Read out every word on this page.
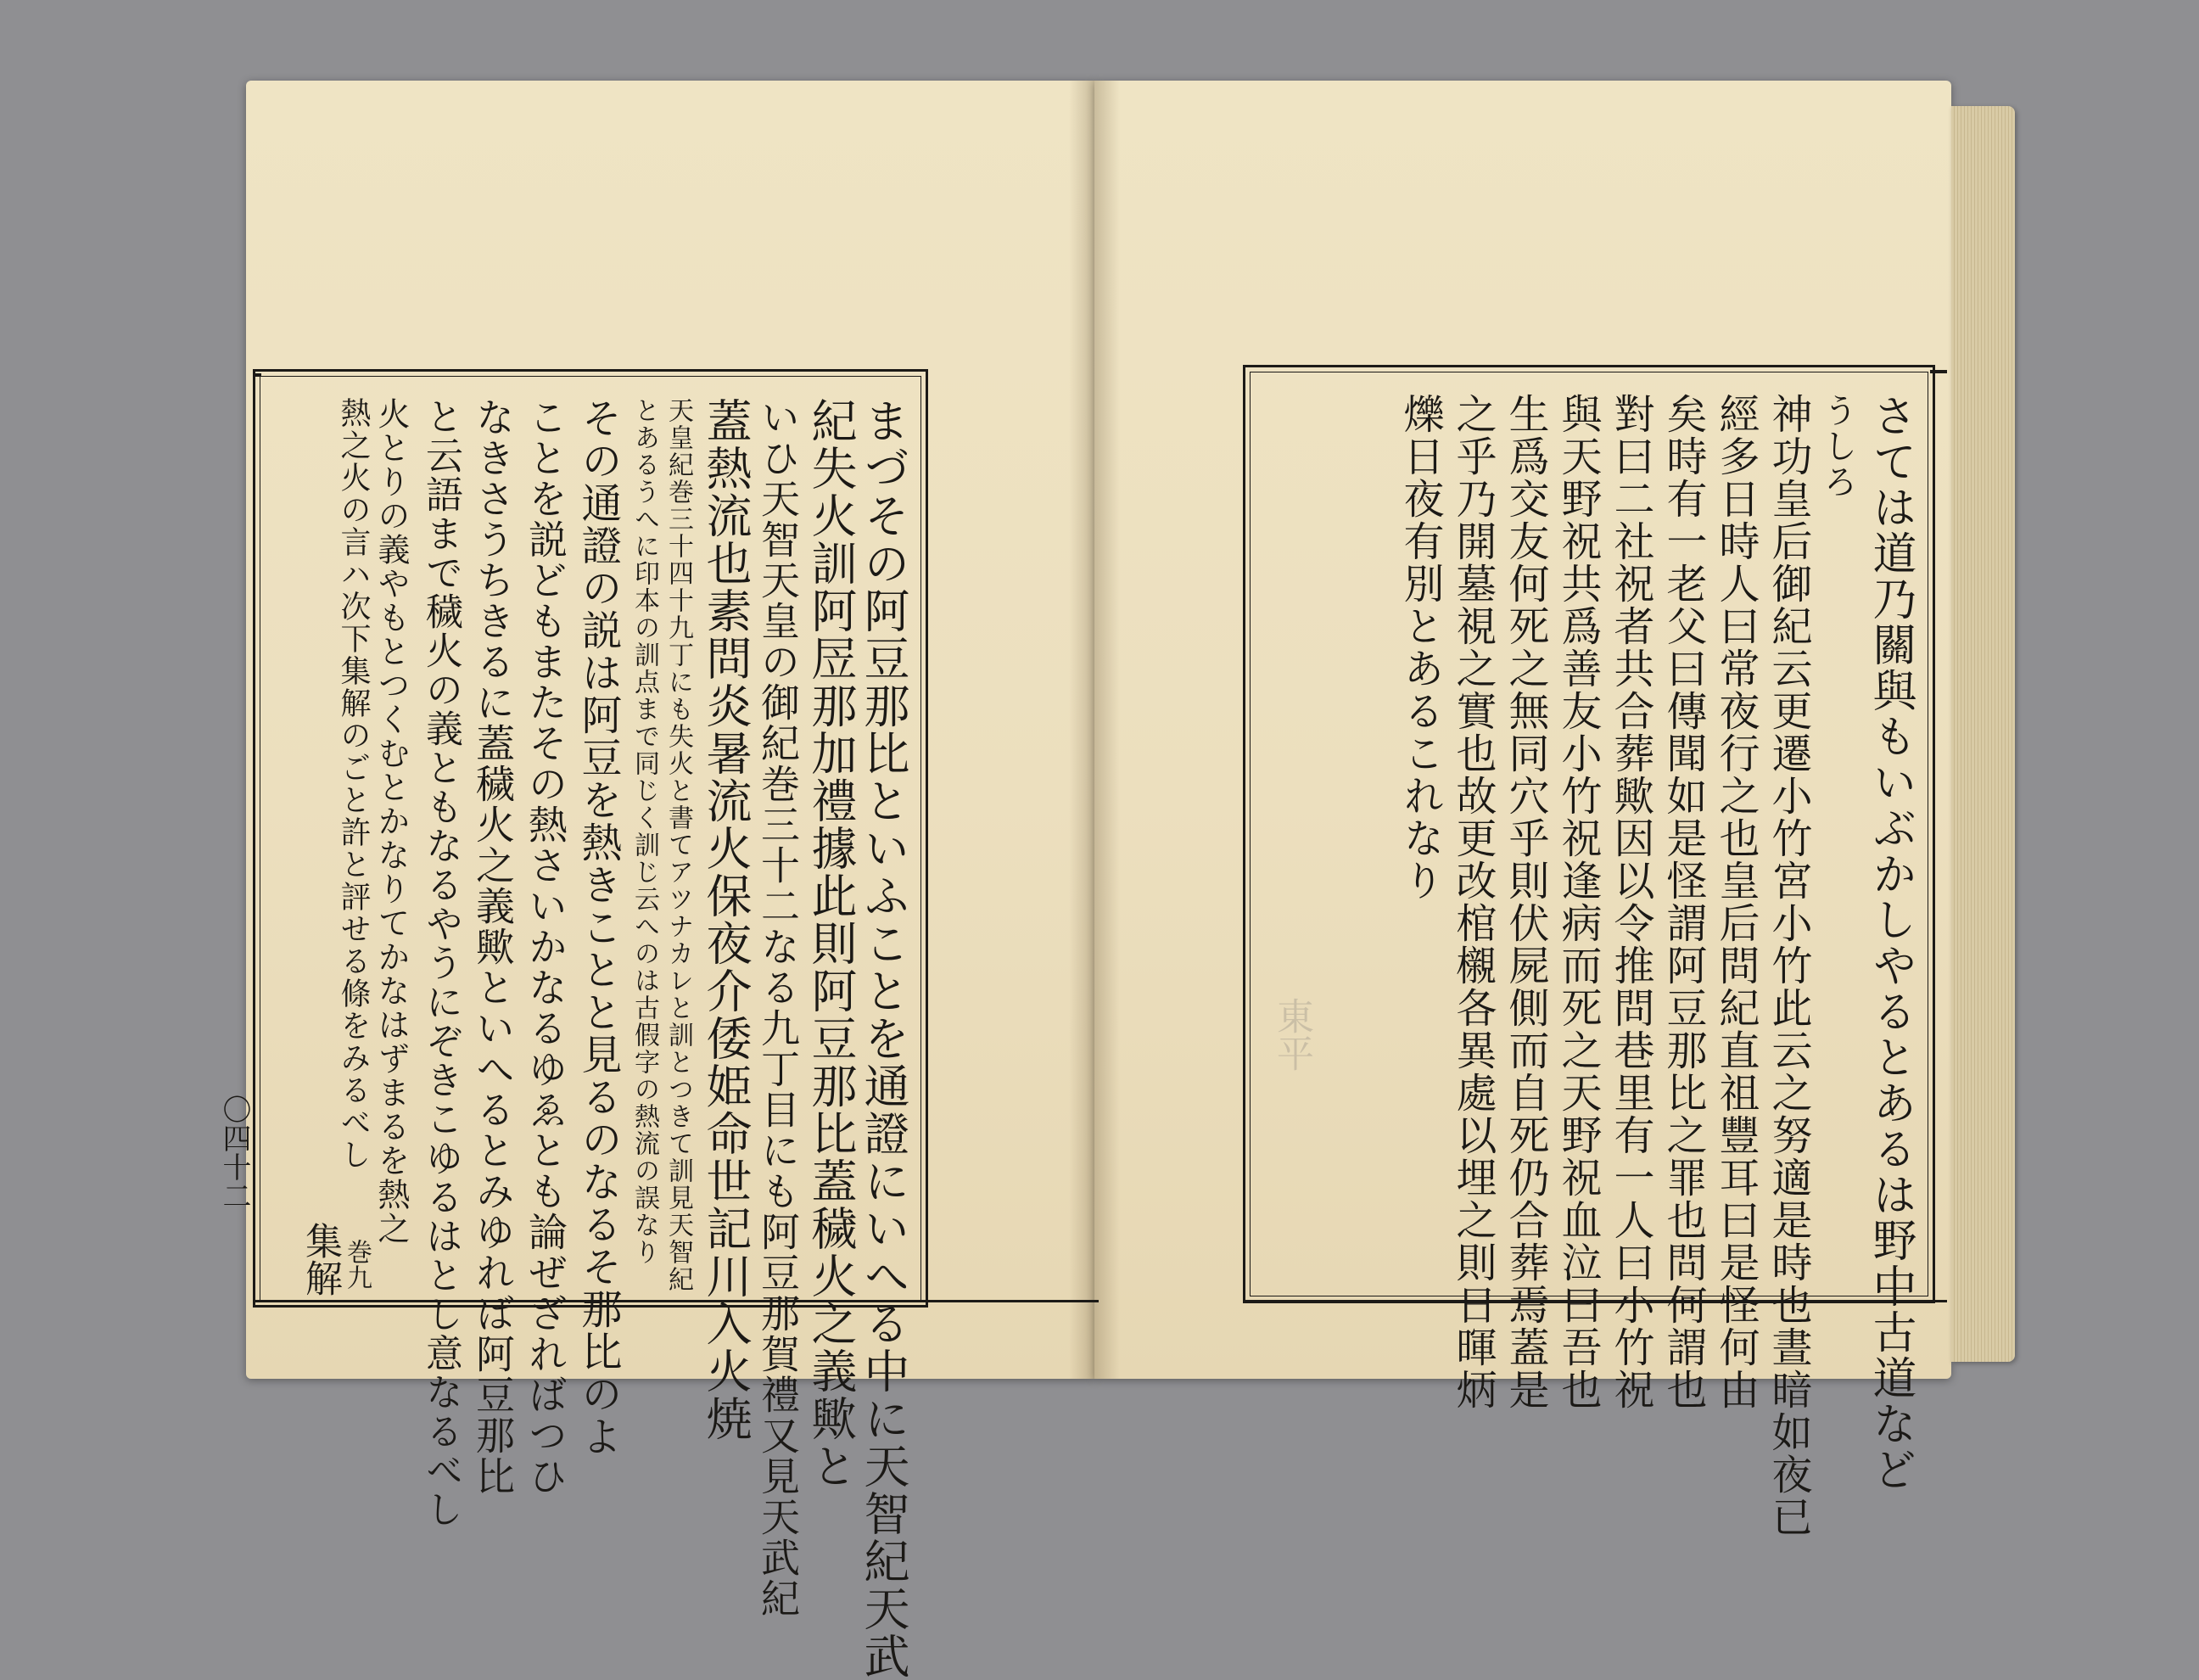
まづその阿豆那比といふことを通證にいへる中に天智紀天武
紀失火訓阿㞐那加禮據此則阿豆那比蓋穢火之義歟と
いひ天智天皇の御紀巻三十二なる九丁目にも阿豆那賀禮又見天武紀
蓋熱流也素問炎暑流火保夜介倭姫命世記川入火焼
天皇紀巻三十四十九丁にも失火と書てアツナカレと訓とつきて訓見天智紀
とあるうへに印本の訓点まで同じく訓じ云へのは古假字の熱流の誤なり
その通證の説は阿豆を熱きことと見るのなるそ那比のよ
ことを説どもまたその熱さいかなるゆゑとも論ぜざればつひ
なきさうちきるに蓋穢火之義歟といへるとみゆれば阿豆那比
と云語まで穢火の義ともなるやうにぞきこゆるはとし意なるべし
火とりの義やもとつくむとかなりてかなはずまるを熱之
熱之火の言ハ次下集解のごと許と評せる條をみるべし
〇四十二
集解 巻九	さては道乃關與もいぶかしやるとあるは野中古道など
うしろ
神功皇后御紀云更遷小竹宮小竹此云之努適是時也晝暗如夜已
經多日時人曰常夜行之也皇后問紀直祖豐耳曰是怪何由
矣時有一老父曰傳聞如是怪謂阿豆那比之罪也問何謂也
對曰二社祝者共合葬歟因以令推問巷里有一人曰小竹祝
與天野祝共爲善友小竹祝逢病而死之天野祝血泣曰吾也
生爲交友何死之無同穴乎則伏屍側而自死仍合葬焉蓋是
之乎乃開墓視之實也故更改棺櫬各異處以埋之則日暉炳
爍日夜有別とあるこれなり
東平
